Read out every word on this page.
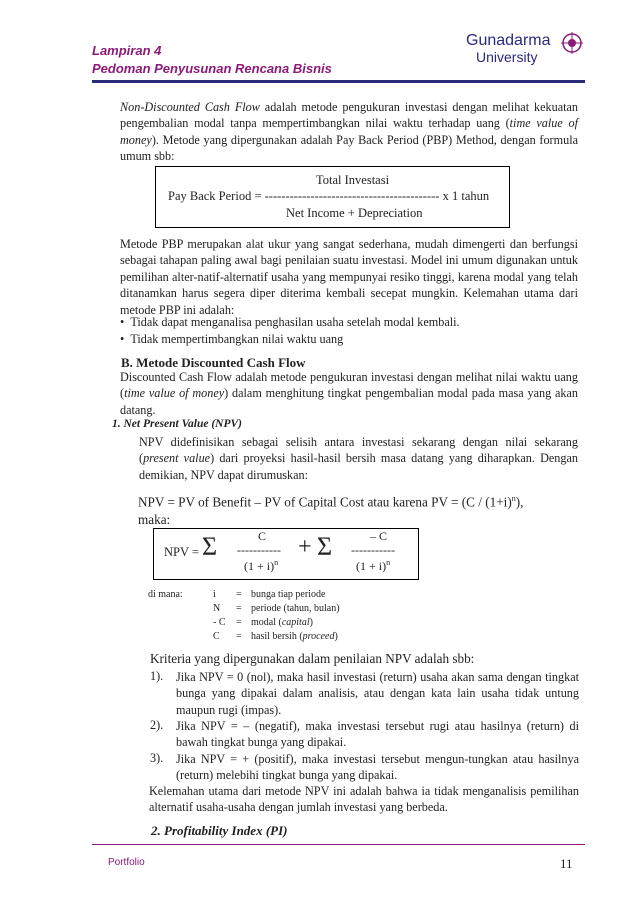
Lampiran 4
Pedoman Penyusunan Rencana Bisnis
Gunadarma
University
Non-Discounted Cash Flow adalah metode pengukuran investasi dengan melihat kekuatan pengembalian modal tanpa mempertimbangkan nilai waktu terhadap uang (time value of money). Metode yang dipergunakan adalah Pay Back Period (PBP) Method, dengan formula umum sbb:
Total Investasi
Pay Back Period = ------------------------------------------ x 1 tahun
Net Income + Depreciation
Metode PBP merupakan alat ukur yang sangat sederhana, mudah dimengerti dan berfungsi sebagai tahapan paling awal bagi penilaian suatu investasi. Model ini umum digunakan untuk pemilihan alter-natif-alternatif usaha yang mempunyai resiko tinggi, karena modal yang telah ditanamkan harus segera diper diterima kembali secepat mungkin. Kelemahan utama dari metode PBP ini adalah:
•  Tidak dapat menganalisa penghasilan usaha setelah modal kembali.
•  Tidak mempertimbangkan nilai waktu uang
B. Metode Discounted Cash Flow
Discounted Cash Flow adalah metode pengukuran investasi dengan melihat nilai waktu uang (time value of money) dalam menghitung tingkat pengembalian modal pada masa yang akan datang.
1. Net Present Value (NPV)
NPV didefinisikan sebagai selisih antara investasi sekarang dengan nilai sekarang (present value) dari proyeksi hasil-hasil bersih masa datang yang diharapkan. Dengan demikian, NPV dapat dirumuskan:
NPV = PV of Benefit – PV of Capital Cost atau karena PV = $(C / (1+i)^n)$,
maka:
NPV = Σ	C
-----------
$(1 + i)^n$
+ Σ	– C
-----------
$(1 + i)^n$
di mana:	i = bunga tiap periode
N = periode (tahun, bulan)
- C = modal (capital)
C = hasil bersih (proceed)
Kriteria yang dipergunakan dalam penilaian NPV adalah sbb:
1). Jika NPV = 0 (nol), maka hasil investasi (return) usaha akan sama dengan tingkat bunga yang dipakai dalam analisis, atau dengan kata lain usaha tidak untung maupun rugi (impas).
2). Jika NPV = – (negatif), maka investasi tersebut rugi atau hasilnya (return) di bawah tingkat bunga yang dipakai.
3). Jika NPV = + (positif), maka investasi tersebut mengun-tungkan atau hasilnya (return) melebihi tingkat bunga yang dipakai.
Kelemahan utama dari metode NPV ini adalah bahwa ia tidak menganalisis pemilihan alternatif usaha-usaha dengan jumlah investasi yang berbeda.
2. Profitability Index (PI)
Portfolio	11
